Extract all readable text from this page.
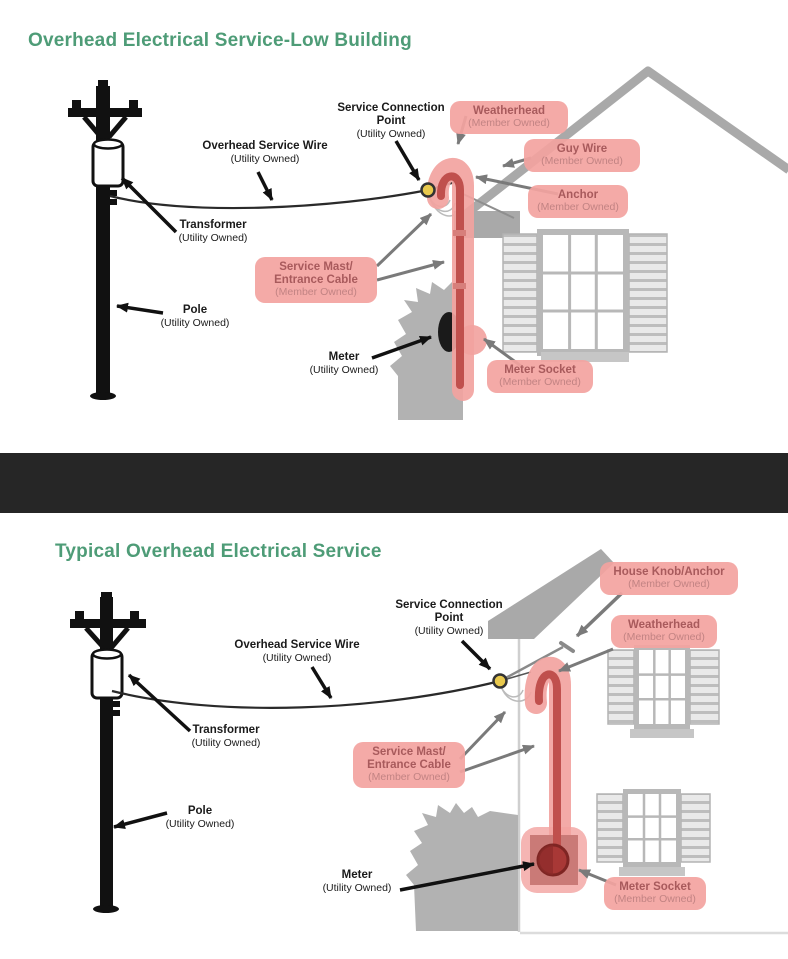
Overhead Electrical Service-Low Building
Service Connection Point
(Utility Owned)
Overhead Service Wire
(Utility Owned)
Transformer
(Utility Owned)
Pole
(Utility Owned)
Meter
(Utility Owned)
Weatherhead
(Member Owned)
Guy Wire
(Member Owned)
Anchor
(Member Owned)
Service Mast/
Entrance Cable
(Member Owned)
Meter Socket
(Member Owned)
Typical Overhead Electrical Service
Service Connection Point
(Utility Owned)
Overhead Service Wire
(Utility Owned)
Transformer
(Utility Owned)
Pole
(Utility Owned)
Meter
(Utility Owned)
House Knob/Anchor
(Member Owned)
Weatherhead
(Member Owned)
Service Mast/
Entrance Cable
(Member Owned)
Meter Socket
(Member Owned)
